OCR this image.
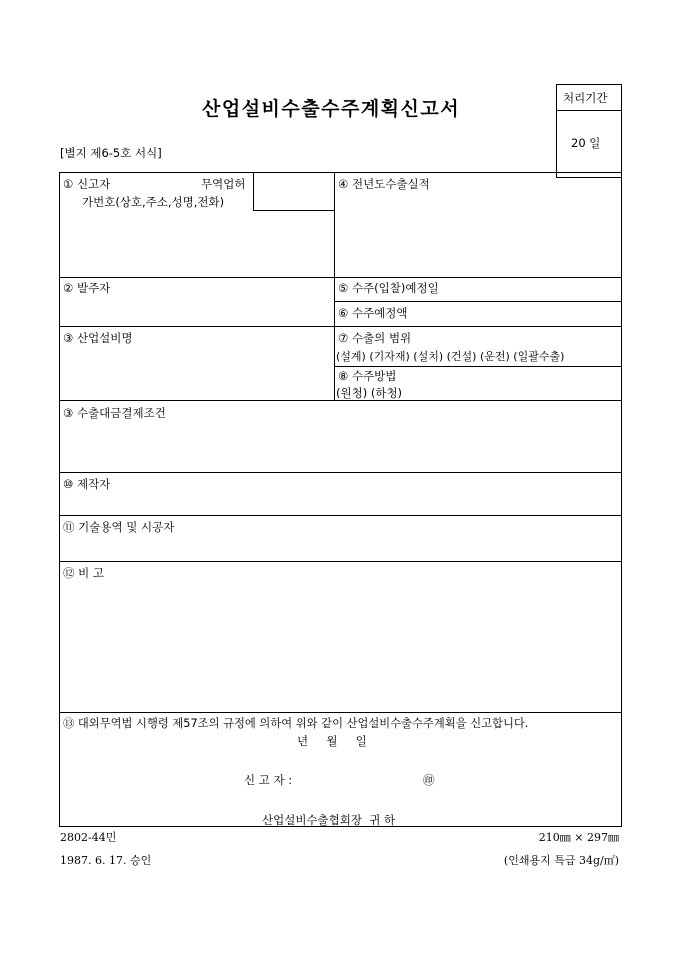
산업설비수출수주계획신고서	처리기간
20 일
[별지 제6-5호 서식]
① 신고자	무역업허
가번호(상호,주소,성명,전화)
④ 전년도수출실적
② 발주자	⑤ 수주(입찰)예정일
⑥ 수주예정액
③ 산업설비명	⑦ 수출의 범위
(설계) (기자재) (설치) (건설) (운전) (일괄수출)
⑧ 수주방법
(원청) (하청)
③ 수출대금결제조건
⑩ 제작자
⑪ 기술용역 및 시공자
⑫ 비 고
⑬ 대외무역법 시행령 제57조의 규정에 의하여 위와 같이 산업설비수출수주계획을 신고합니다.
년     월     일
신 고 자 :	㊞
산업설비수출협회장  귀 하
2802-44민
1987. 6. 17. 승인
210㎜ × 297㎜
(인쇄용지 특급 34g/㎡)
